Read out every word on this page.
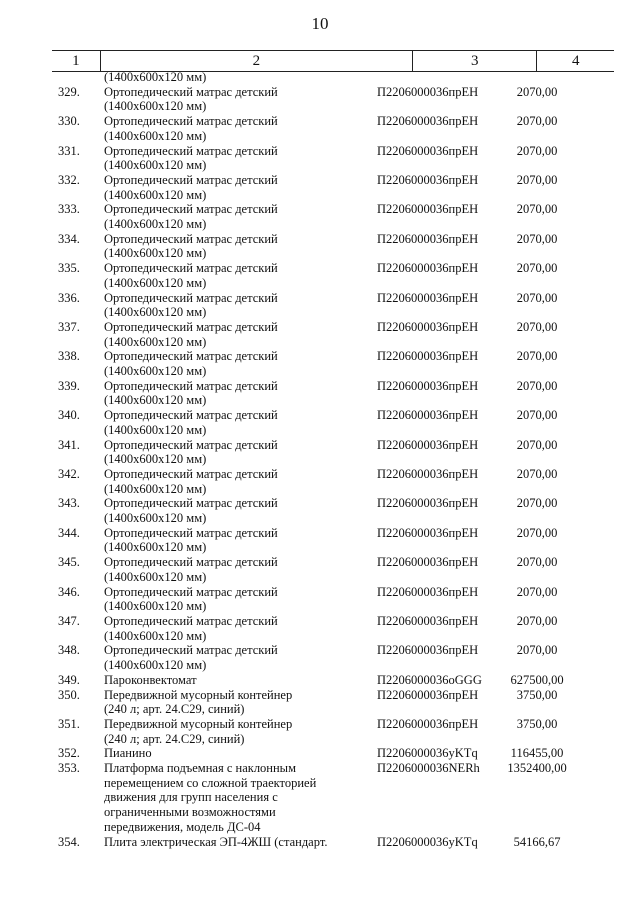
10
1	2	3	4
(1400x600x120 мм)
329. Ортопедический матрас детский
(1400x600x120 мм)
П2206000036пpЕН	2070,00
330. Ортопедический матрас детский
(1400x600x120 мм)
П2206000036пpЕН	2070,00
331. Ортопедический матрас детский
(1400x600x120 мм)
П2206000036пpЕН	2070,00
332. Ортопедический матрас детский
(1400x600x120 мм)
П2206000036пpЕН	2070,00
333. Ортопедический матрас детский
(1400x600x120 мм)
П2206000036пpЕН	2070,00
334. Ортопедический матрас детский
(1400x600x120 мм)
П2206000036пpЕН	2070,00
335. Ортопедический матрас детский
(1400x600x120 мм)
П2206000036пpЕН	2070,00
336. Ортопедический матрас детский
(1400x600x120 мм)
П2206000036пpЕН	2070,00
337. Ортопедический матрас детский
(1400x600x120 мм)
П2206000036пpЕН	2070,00
338. Ортопедический матрас детский
(1400x600x120 мм)
П2206000036пpЕН	2070,00
339. Ортопедический матрас детский
(1400x600x120 мм)
П2206000036пpЕН	2070,00
340. Ортопедический матрас детский
(1400x600x120 мм)
П2206000036пpЕН	2070,00
341. Ортопедический матрас детский
(1400x600x120 мм)
П2206000036пpЕН	2070,00
342. Ортопедический матрас детский
(1400x600x120 мм)
П2206000036пpЕН	2070,00
343. Ортопедический матрас детский
(1400x600x120 мм)
П2206000036пpЕН	2070,00
344. Ортопедический матрас детский
(1400x600x120 мм)
П2206000036пpЕН	2070,00
345. Ортопедический матрас детский
(1400x600x120 мм)
П2206000036пpЕН	2070,00
346. Ортопедический матрас детский
(1400x600x120 мм)
П2206000036пpЕН	2070,00
347. Ортопедический матрас детский
(1400x600x120 мм)
П2206000036пpЕН	2070,00
348. Ортопедический матрас детский
(1400x600x120 мм)
П2206000036пpЕН	2070,00
349. Пароконвектомат	П2206000036oGGG	627500,00
350. Передвижной мусорный контейнер
(240 л; арт. 24.С29, синий)
П2206000036пpЕН	3750,00
351. Передвижной мусорный контейнер
(240 л; арт. 24.С29, синий)
П2206000036пpЕН	3750,00
352. Пианино	П2206000036yKTq	116455,00
353. Платформа подъемная с наклонным
перемещением со сложной траекторией
движения для групп населения с
ограниченными возможностями
передвижения, модель ДС-04
П2206000036NERh	1352400,00
354. Плита электрическая ЭП-4ЖШ (стандарт.	П2206000036yKTq	54166,67
